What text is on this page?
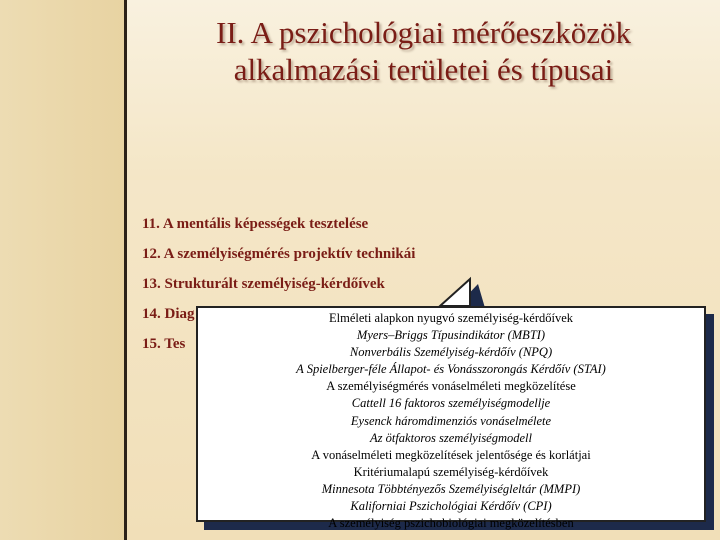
II. A pszichológiai mérőeszközök
alkalmazási területei és típusai
11. A mentális képességek tesztelése
12. A személyiségmérés projektív technikái
13. Strukturált személyiség-kérdőívek
14. Diag
15. Tes
Elméleti alapkon nyugvó személyiség-kérdőívek
Myers–Briggs Típusindikátor (MBTI)
Nonverbális Személyiség-kérdőív (NPQ)
A Spielberger-féle Állapot- és Vonásszorongás Kérdőív (STAI)
A személyiségmérés vonáselméleti megközelítése
Cattell 16 faktoros személyiségmodellje
Eysenck háromdimenziós vonáselmélete
Az ötfaktoros személyiségmodell
A vonáselméleti megközelítések jelentősége és korlátjai
Kritériumalapú személyiség-kérdőívek
Minnesota Többtényezős Személyiségleltár (MMPI)
Kaliforniai Pszichológiai Kérdőív (CPI)
A személyiség pszichobiológiai megközelítésben
